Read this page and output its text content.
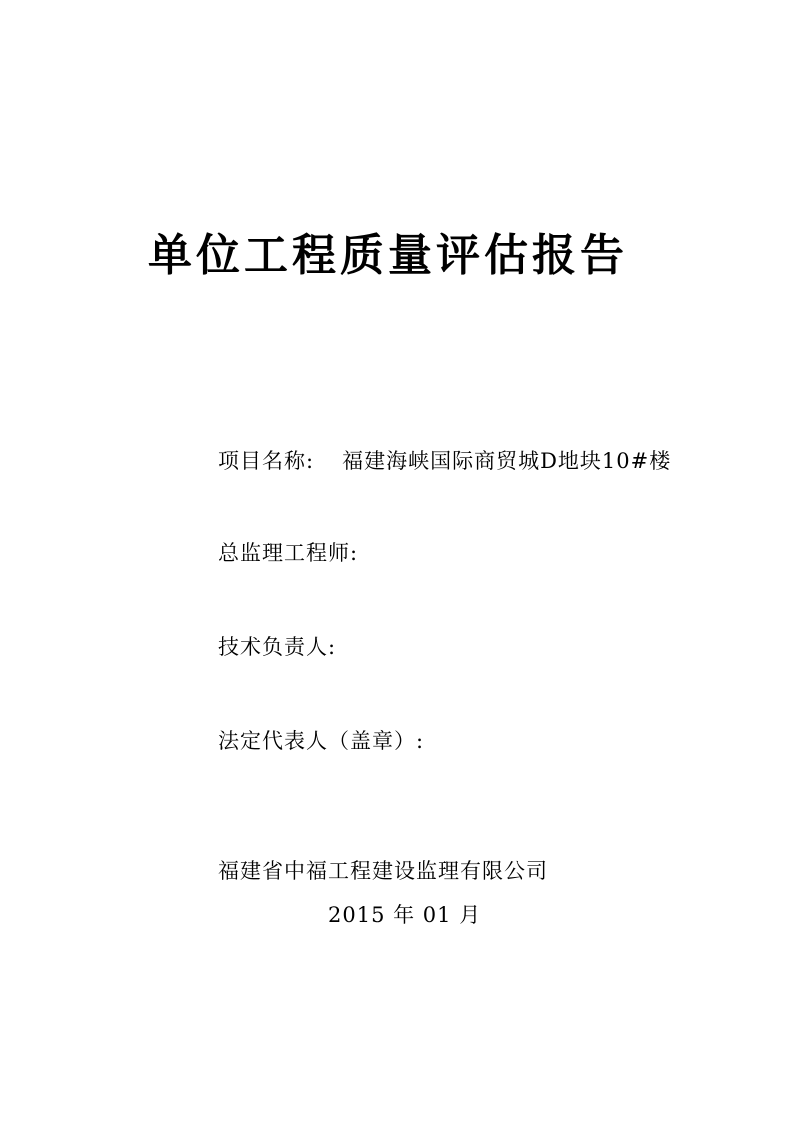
单位工程质量评估报告
项目名称: 福建海峡国际商贸城D地块10#楼
总监理工程师:
技术负责人:
法定代表人（盖章）:
福建省中福工程建设监理有限公司
2015 年 01 月
